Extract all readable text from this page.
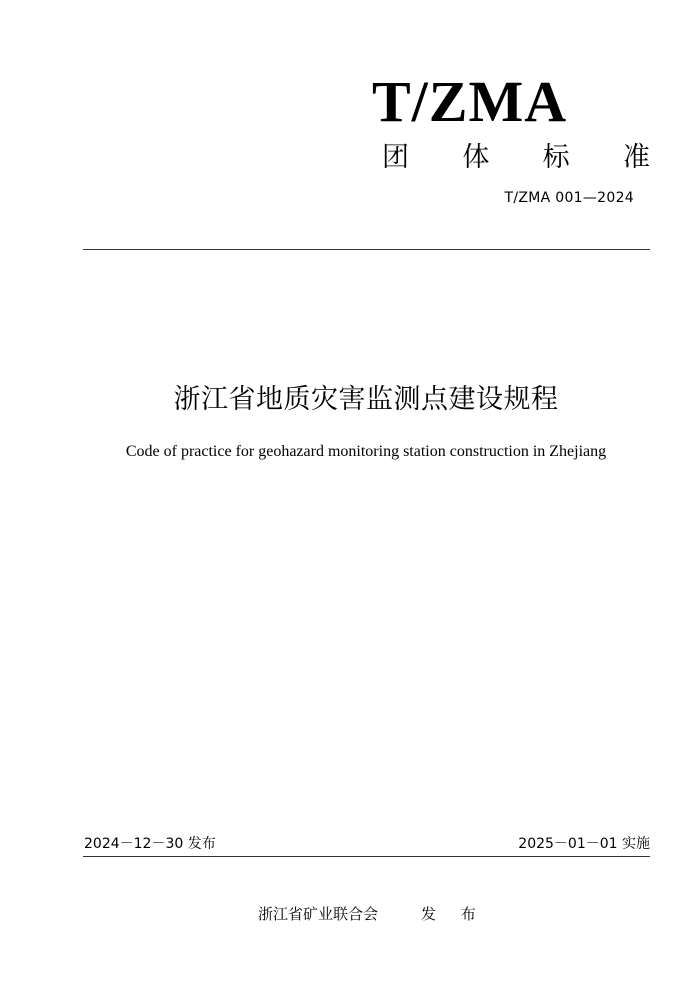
T/ZMA
团 体 标 准
T/ZMA 001—2024
浙江省地质灾害监测点建设规程
Code of practice for geohazard monitoring station construction in Zhejiang
2024－12－30 发布	2025－01－01 实施
浙江省矿业联合会	发 布
